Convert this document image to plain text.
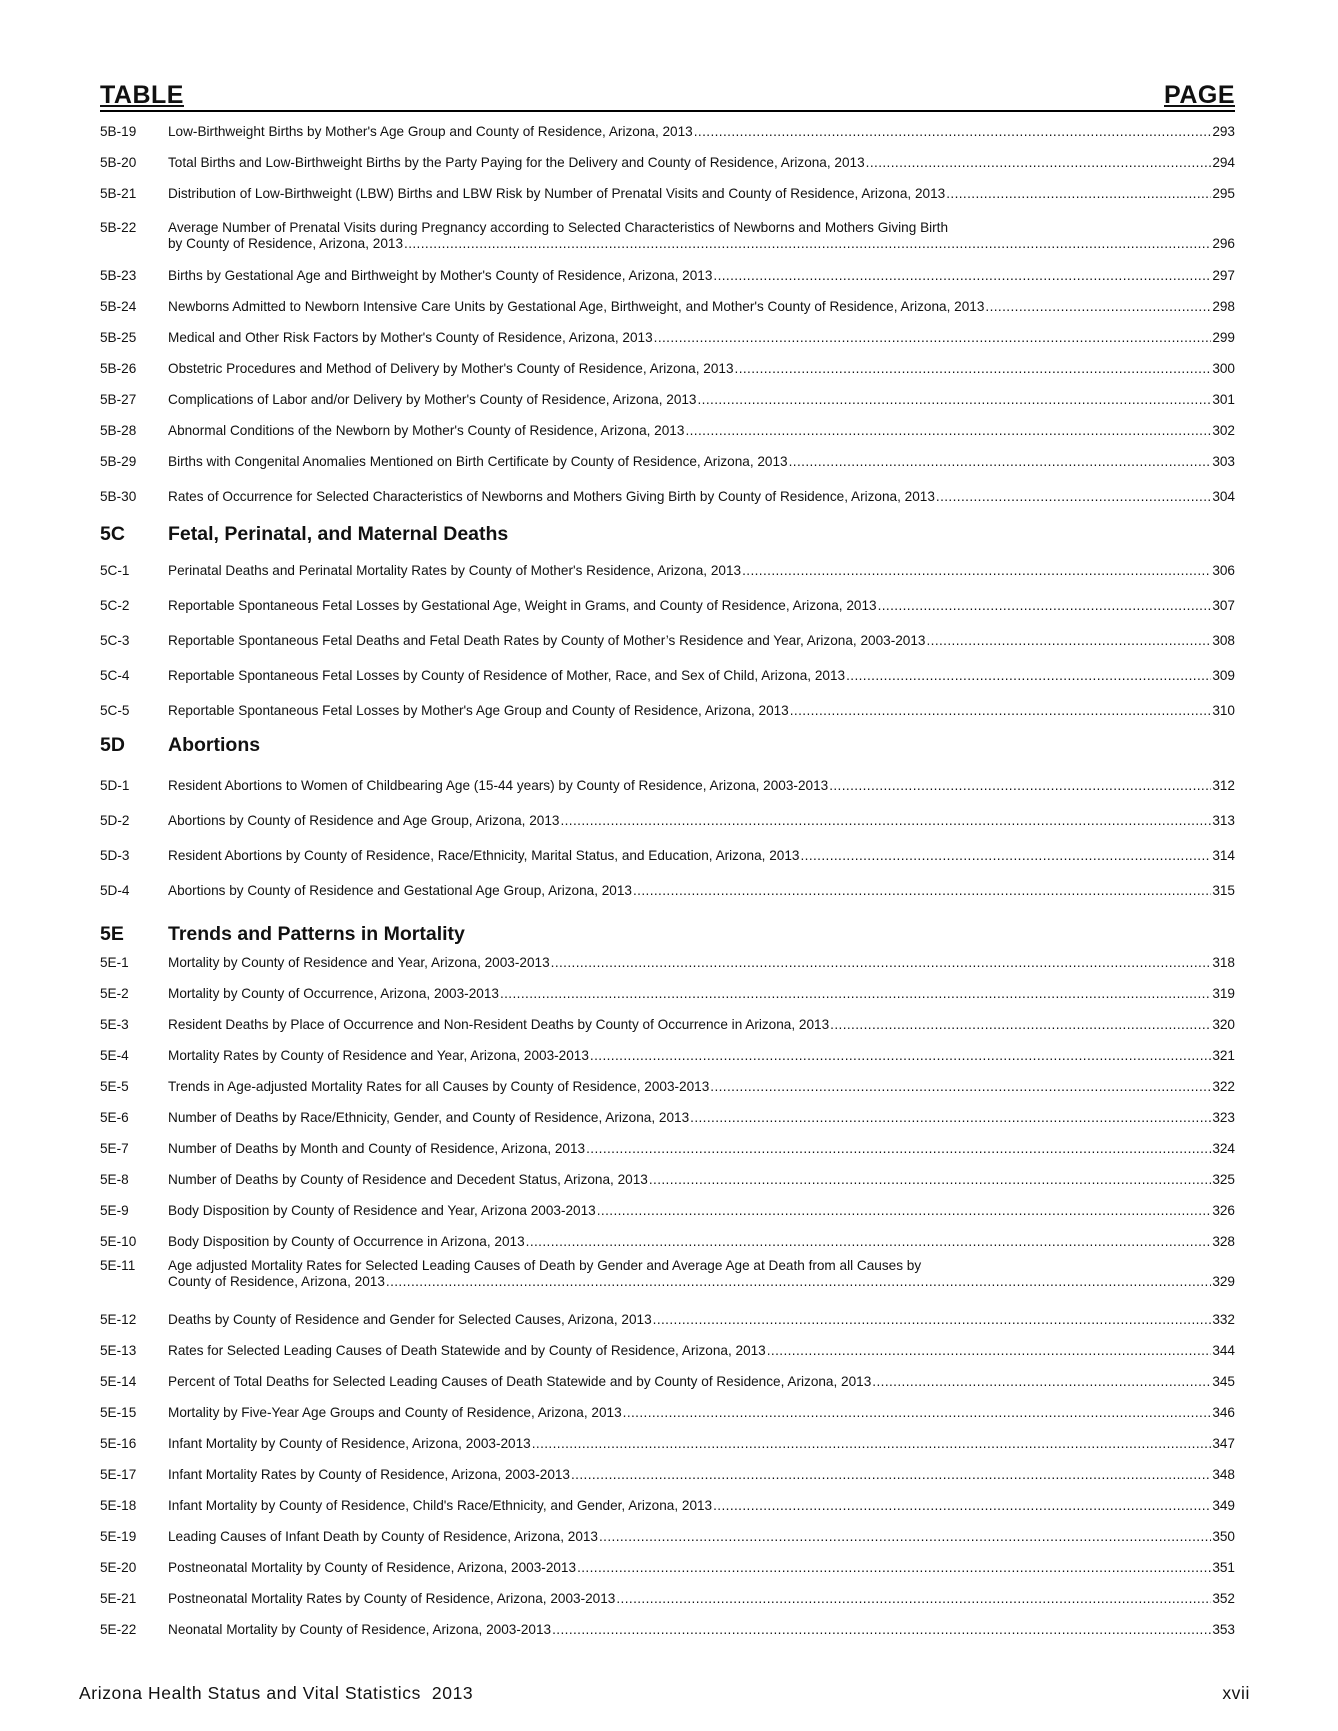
TABLE	PAGE
5B-19	Low-Birthweight Births by Mother's Age Group and County of Residence, Arizona, 2013 .....	293
5B-20	Total Births and Low-Birthweight Births by the Party Paying for the Delivery and County of Residence, Arizona, 2013 .....	294
5B-21	Distribution of Low-Birthweight (LBW) Births and LBW Risk by Number of Prenatal Visits and County of Residence, Arizona, 2013 .....	295
5B-22	Average Number of Prenatal Visits during Pregnancy according to Selected Characteristics of Newborns and Mothers Giving Birth
by County of Residence, Arizona, 2013 .....	296
5B-23	Births by Gestational Age and Birthweight by Mother's County of Residence, Arizona, 2013 .....	297
5B-24	Newborns Admitted to Newborn Intensive Care Units by Gestational Age, Birthweight, and Mother's County of Residence, Arizona, 2013 .....	298
5B-25	Medical and Other Risk Factors by Mother's County of Residence, Arizona, 2013 .....	299
5B-26	Obstetric Procedures and Method of Delivery by Mother's County of Residence, Arizona, 2013 .....	300
5B-27	Complications of Labor and/or Delivery by Mother's County of Residence, Arizona, 2013 .....	301
5B-28	Abnormal Conditions of the Newborn by Mother's County of Residence, Arizona, 2013 .....	302
5B-29	Births with Congenital Anomalies Mentioned on Birth Certificate by County of Residence, Arizona, 2013 .....	303
5B-30	Rates of Occurrence for Selected Characteristics of Newborns and Mothers Giving Birth by County of Residence, Arizona, 2013 .....	304
5C Fetal, Perinatal, and Maternal Deaths
5C-1	Perinatal Deaths and Perinatal Mortality Rates by County of Mother's Residence, Arizona, 2013 .....	306
5C-2	Reportable Spontaneous Fetal Losses by Gestational Age, Weight in Grams, and County of Residence, Arizona, 2013 .....	307
5C-3	Reportable Spontaneous Fetal Deaths and Fetal Death Rates by County of Mother’s Residence and Year, Arizona, 2003-2013 .....	308
5C-4	Reportable Spontaneous Fetal Losses by County of Residence of Mother, Race, and Sex of Child, Arizona, 2013 .....	309
5C-5	Reportable Spontaneous Fetal Losses by Mother's Age Group and County of Residence, Arizona, 2013 .....	310
5D Abortions
5D-1	Resident Abortions to Women of Childbearing Age (15-44 years) by County of Residence, Arizona, 2003-2013 .....	312
5D-2	Abortions by County of Residence and Age Group, Arizona, 2013 .....	313
5D-3	Resident Abortions by County of Residence, Race/Ethnicity, Marital Status, and Education, Arizona, 2013 .....	314
5D-4	Abortions by County of Residence and Gestational Age Group, Arizona, 2013 .....	315
5E Trends and Patterns in Mortality
5E-1	Mortality by County of Residence and Year, Arizona, 2003-2013 .....	318
5E-2	Mortality by County of Occurrence, Arizona, 2003-2013 .....	319
5E-3	Resident Deaths by Place of Occurrence and Non-Resident Deaths by County of Occurrence in Arizona, 2013 .....	320
5E-4	Mortality Rates by County of Residence and Year, Arizona, 2003-2013 .....	321
5E-5	Trends in Age-adjusted Mortality Rates for all Causes by County of Residence, 2003-2013 .....	322
5E-6	Number of Deaths by Race/Ethnicity, Gender, and County of Residence, Arizona, 2013 .....	323
5E-7	Number of Deaths by Month and County of Residence, Arizona, 2013 .....	324
5E-8	Number of Deaths by County of Residence and Decedent Status, Arizona, 2013 .....	325
5E-9	Body Disposition by County of Residence and Year, Arizona 2003-2013 .....	326
5E-10	Body Disposition by County of Occurrence in Arizona, 2013 .....	328
5E-11	Age adjusted Mortality Rates for Selected Leading Causes of Death by Gender and Average Age at Death from all Causes by
County of Residence, Arizona, 2013 .....	329
5E-12	Deaths by County of Residence and Gender for Selected Causes, Arizona, 2013 .....	332
5E-13	Rates for Selected Leading Causes of Death Statewide and by County of Residence, Arizona, 2013 .....	344
5E-14	Percent of Total Deaths for Selected Leading Causes of Death Statewide and by County of Residence, Arizona, 2013 .....	345
5E-15	Mortality by Five-Year Age Groups and County of Residence, Arizona, 2013 .....	346
5E-16	Infant Mortality by County of Residence, Arizona, 2003-2013 .....	347
5E-17	Infant Mortality Rates by County of Residence, Arizona, 2003-2013 .....	348
5E-18	Infant Mortality by County of Residence, Child's Race/Ethnicity, and Gender, Arizona, 2013 .....	349
5E-19	Leading Causes of Infant Death by County of Residence, Arizona, 2013 .....	350
5E-20	Postneonatal Mortality by County of Residence, Arizona, 2003-2013 .....	351
5E-21	Postneonatal Mortality Rates by County of Residence, Arizona, 2003-2013 .....	352
5E-22	Neonatal Mortality by County of Residence, Arizona, 2003-2013 .....	353
Arizona Health Status and Vital Statistics  2013	xvii
